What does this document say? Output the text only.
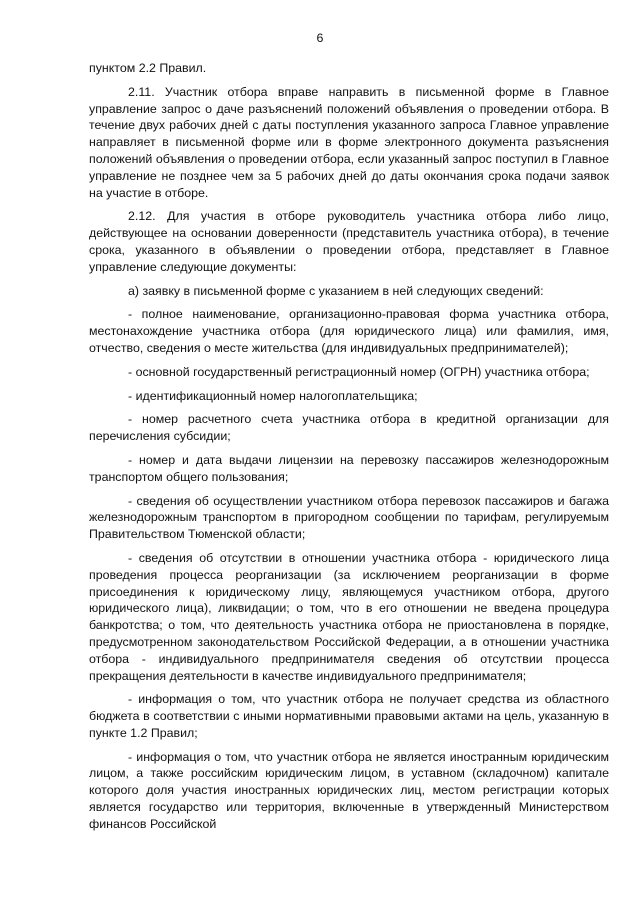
6

пунктом 2.2 Правил.

2.11. Участник отбора вправе направить в письменной форме в Главное управление запрос о даче разъяснений положений объявления о проведении отбора. В течение двух рабочих дней с даты поступления указанного запроса Главное управление направляет в письменной форме или в форме электронного документа разъяснения положений объявления о проведении отбора, если указанный запрос поступил в Главное управление не позднее чем за 5 рабочих дней до даты окончания срока подачи заявок на участие в отборе.

2.12. Для участия в отборе руководитель участника отбора либо лицо, действующее на основании доверенности (представитель участника отбора), в течение срока, указанного в объявлении о проведении отбора, представляет в Главное управление следующие документы:

а) заявку в письменной форме с указанием в ней следующих сведений:

- полное наименование, организационно-правовая форма участника отбора, местонахождение участника отбора (для юридического лица) или фамилия, имя, отчество, сведения о месте жительства (для индивидуальных предпринимателей);

- основной государственный регистрационный номер (ОГРН) участника отбора;

- идентификационный номер налогоплательщика;

- номер расчетного счета участника отбора в кредитной организации для перечисления субсидии;

- номер и дата выдачи лицензии на перевозку пассажиров железнодорожным транспортом общего пользования;

- сведения об осуществлении участником отбора перевозок пассажиров и багажа железнодорожным транспортом в пригородном сообщении по тарифам, регулируемым Правительством Тюменской области;

- сведения об отсутствии в отношении участника отбора - юридического лица проведения процесса реорганизации (за исключением реорганизации в форме присоединения к юридическому лицу, являющемуся участником отбора, другого юридического лица), ликвидации; о том, что в его отношении не введена процедура банкротства; о том, что деятельность участника отбора не приостановлена в порядке, предусмотренном законодательством Российской Федерации, а в отношении участника отбора - индивидуального предпринимателя сведения об отсутствии процесса прекращения деятельности в качестве индивидуального предпринимателя;

- информация о том, что участник отбора не получает средства из областного бюджета в соответствии с иными нормативными правовыми актами на цель, указанную в пункте 1.2 Правил;

- информация о том, что участник отбора не является иностранным юридическим лицом, а также российским юридическим лицом, в уставном (складочном) капитале которого доля участия иностранных юридических лиц, местом регистрации которых является государство или территория, включенные в утвержденный Министерством финансов Российской
